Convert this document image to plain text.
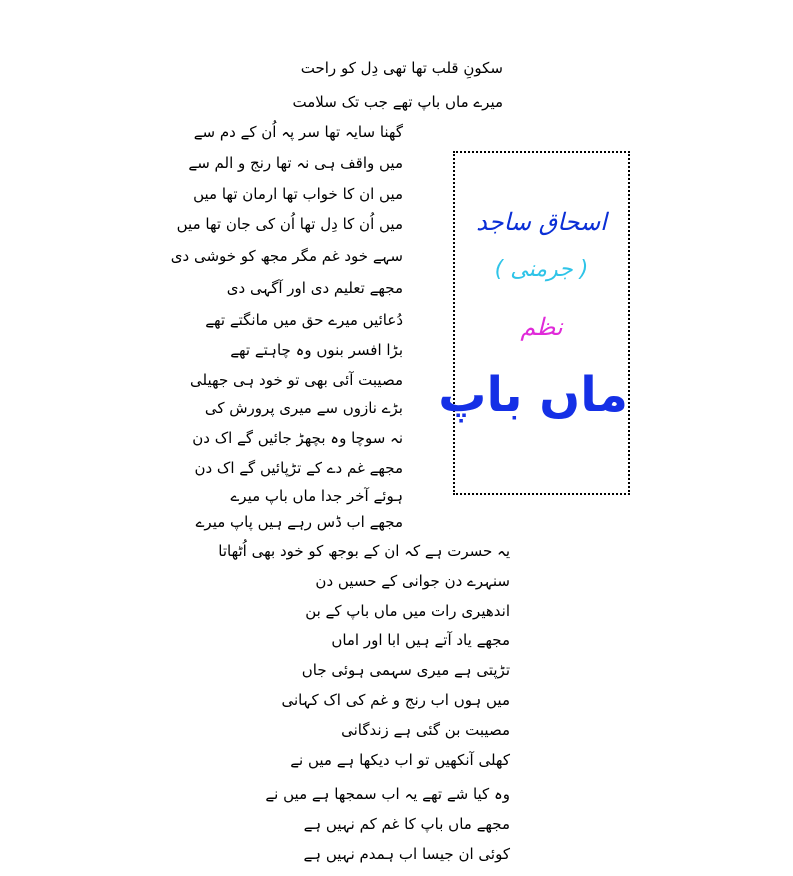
سکونِ قلب تھا تھی دِل کو راحت
میرے ماں باپ تھے جب تک سلامت
گھنا سایہ تھا سر پہ اُن کے دم سے
میں واقف ہی نہ تھا رنج و الم سے
میں ان کا خواب تھا ارمان تھا میں
میں اُن کا دِل تھا اُن کی جان تھا میں
سہے خود غم مگر مجھ کو خوشی دی
مجھے تعلیم دی اور آگہی دی
دُعائیں میرے حق میں مانگتے تھے
بڑا افسر بنوں وہ چاہتے تھے
مصیبت آئی بھی تو خود ہی جھیلی
بڑے نازوں سے میری پرورش کی
نہ سوچا وہ بچھڑ جائیں گے اک دن
مجھے غم دے کے تڑپائیں گے اک دن
ہوئے آخر جدا ماں باپ میرے
مجھے اب ڈس رہے ہیں پاپ میرے
یہ حسرت ہے کہ ان کے بوجھ کو خود بھی اُٹھاتا
سنہرے دن جوانی کے حسیں دن
اندھیری رات میں ماں باپ کے بن
مجھے یاد آتے ہیں ابا اور اماں
تڑپتی ہے میری سہمی ہوئی جاں
میں ہوں اب رنج و غم کی اک کہانی
مصیبت بن گئی ہے زندگانی
کھلی آنکھیں تو اب دیکھا ہے میں نے
وہ کیا شے تھے یہ اب سمجھا ہے میں نے
مجھے ماں باپ کا غم کم نہیں ہے
کوئی ان جیسا اب ہمدم نہیں ہے
اسحاق ساجد
( جرمنی )
نظم
ماں باپ
